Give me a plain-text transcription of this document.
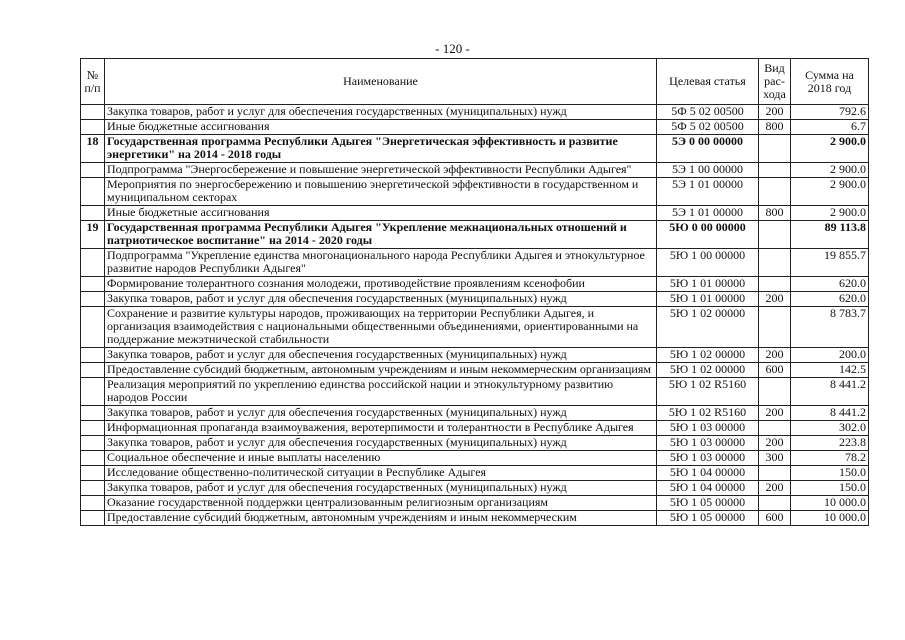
- 120 -
№ п/п	Наименование	Целевая статья	Вид рас-хода	Сумма на 2018 год
	Закупка товаров, работ и услуг для обеспечения государственных (муниципальных) нужд	5Ф 5 02 00500	200	792.6
	Иные бюджетные ассигнования	5Ф 5 02 00500	800	6.7
18	Государственная программа Республики Адыгея "Энергетическая эффективность и развитие энергетики" на 2014 - 2018 годы	5Э 0 00 00000		2 900.0
	Подпрограмма "Энергосбережение и повышение энергетической эффективности Республики Адыгея"	5Э 1 00 00000		2 900.0
	Мероприятия по энергосбережению и повышению энергетической эффективности в государственном и муниципальном секторах	5Э 1 01 00000		2 900.0
	Иные бюджетные ассигнования	5Э 1 01 00000	800	2 900.0
19	Государственная программа Республики Адыгея "Укрепление межнациональных отношений и патриотическое воспитание" на 2014 - 2020 годы	5Ю 0 00 00000		89 113.8
	Подпрограмма "Укрепление единства многонационального народа Республики Адыгея и этнокультурное развитие народов Республики Адыгея"	5Ю 1 00 00000		19 855.7
	Формирование толерантного сознания молодежи, противодействие проявлениям ксенофобии	5Ю 1 01 00000		620.0
	Закупка товаров, работ и услуг для обеспечения государственных (муниципальных) нужд	5Ю 1 01 00000	200	620.0
	Сохранение и развитие культуры народов, проживающих на территории Республики Адыгея, и организация взаимодействия с национальными общественными объединениями, ориентированными на поддержание межэтнической стабильности	5Ю 1 02 00000		8 783.7
	Закупка товаров, работ и услуг для обеспечения государственных (муниципальных) нужд	5Ю 1 02 00000	200	200.0
	Предоставление субсидий бюджетным, автономным учреждениям и иным некоммерческим организациям	5Ю 1 02 00000	600	142.5
	Реализация мероприятий по укреплению единства российской нации и этнокультурному развитию народов России	5Ю 1 02 R5160		8 441.2
	Закупка товаров, работ и услуг для обеспечения государственных (муниципальных) нужд	5Ю 1 02 R5160	200	8 441.2
	Информационная пропаганда взаимоуважения, веротерпимости и толерантности в Республике Адыгея	5Ю 1 03 00000		302.0
	Закупка товаров, работ и услуг для обеспечения государственных (муниципальных) нужд	5Ю 1 03 00000	200	223.8
	Социальное обеспечение и иные выплаты населению	5Ю 1 03 00000	300	78.2
	Исследование общественно-политической ситуации в Республике Адыгея	5Ю 1 04 00000		150.0
	Закупка товаров, работ и услуг для обеспечения государственных (муниципальных) нужд	5Ю 1 04 00000	200	150.0
	Оказание государственной поддержки централизованным религиозным организациям	5Ю 1 05 00000		10 000.0
	Предоставление субсидий бюджетным, автономным учреждениям и иным некоммерческим	5Ю 1 05 00000	600	10 000.0
